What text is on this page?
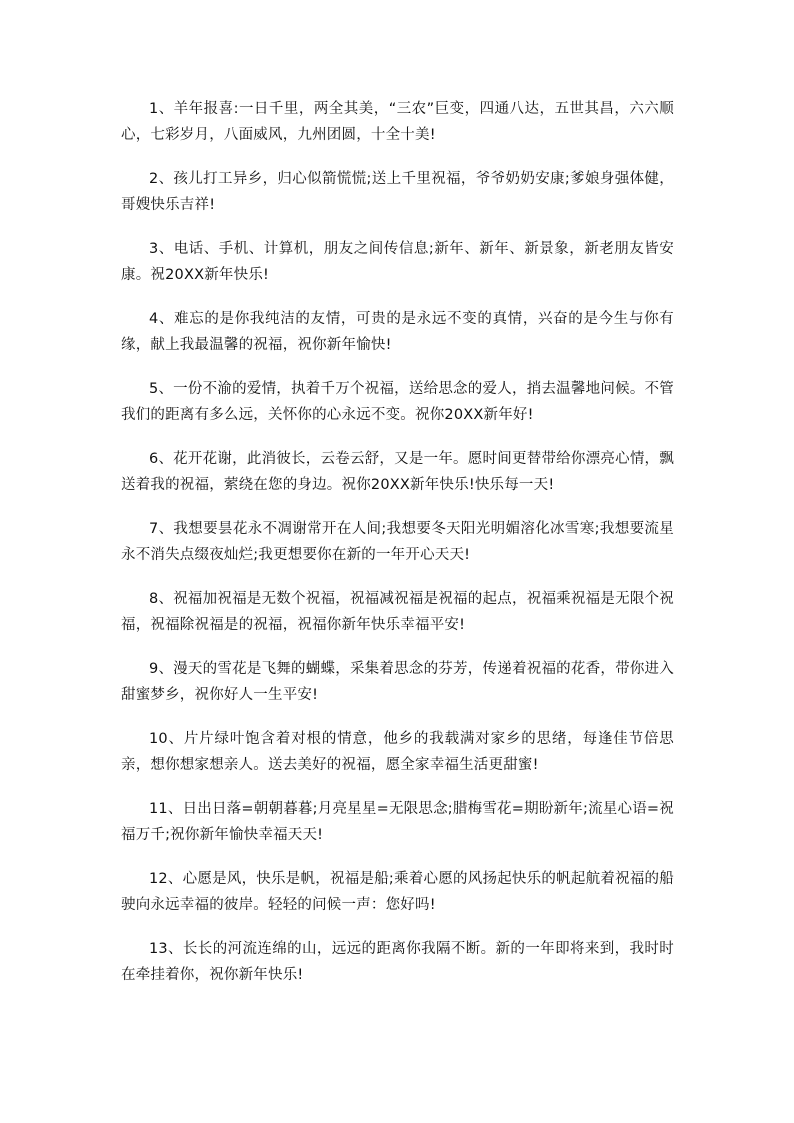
1、羊年报喜:一日千里，两全其美，“三农”巨变，四通八达，五世其昌，六六顺心，七彩岁月，八面威风，九州团圆，十全十美!

2、孩儿打工异乡，归心似箭慌慌;送上千里祝福，爷爷奶奶安康;爹娘身强体健，哥嫂快乐吉祥!

3、电话、手机、计算机，朋友之间传信息;新年、新年、新景象，新老朋友皆安康。祝20XX新年快乐!

4、难忘的是你我纯洁的友情，可贵的是永远不变的真情，兴奋的是今生与你有缘，献上我最温馨的祝福，祝你新年愉快!

5、一份不渝的爱情，执着千万个祝福，送给思念的爱人，捎去温馨地问候。不管我们的距离有多么远，关怀你的心永远不变。祝你20XX新年好!

6、花开花谢，此消彼长，云卷云舒，又是一年。愿时间更替带给你漂亮心情，飘送着我的祝福，萦绕在您的身边。祝你20XX新年快乐!快乐每一天!

7、我想要昙花永不凋谢常开在人间;我想要冬天阳光明媚溶化冰雪寒;我想要流星永不消失点缀夜灿烂;我更想要你在新的一年开心天天!

8、祝福加祝福是无数个祝福，祝福减祝福是祝福的起点，祝福乘祝福是无限个祝福，祝福除祝福是的祝福，祝福你新年快乐幸福平安!

9、漫天的雪花是飞舞的蝴蝶，采集着思念的芬芳，传递着祝福的花香，带你进入甜蜜梦乡，祝你好人一生平安!

10、片片绿叶饱含着对根的情意，他乡的我载满对家乡的思绪，每逢佳节倍思亲，想你想家想亲人。送去美好的祝福，愿全家幸福生活更甜蜜!

11、日出日落=朝朝暮暮;月亮星星=无限思念;腊梅雪花=期盼新年;流星心语=祝福万千;祝你新年愉快幸福天天!

12、心愿是风，快乐是帆，祝福是船;乘着心愿的风扬起快乐的帆起航着祝福的船驶向永远幸福的彼岸。轻轻的问候一声：您好吗!

13、长长的河流连绵的山，远远的距离你我隔不断。新的一年即将来到，我时时在牵挂着你，祝你新年快乐!
